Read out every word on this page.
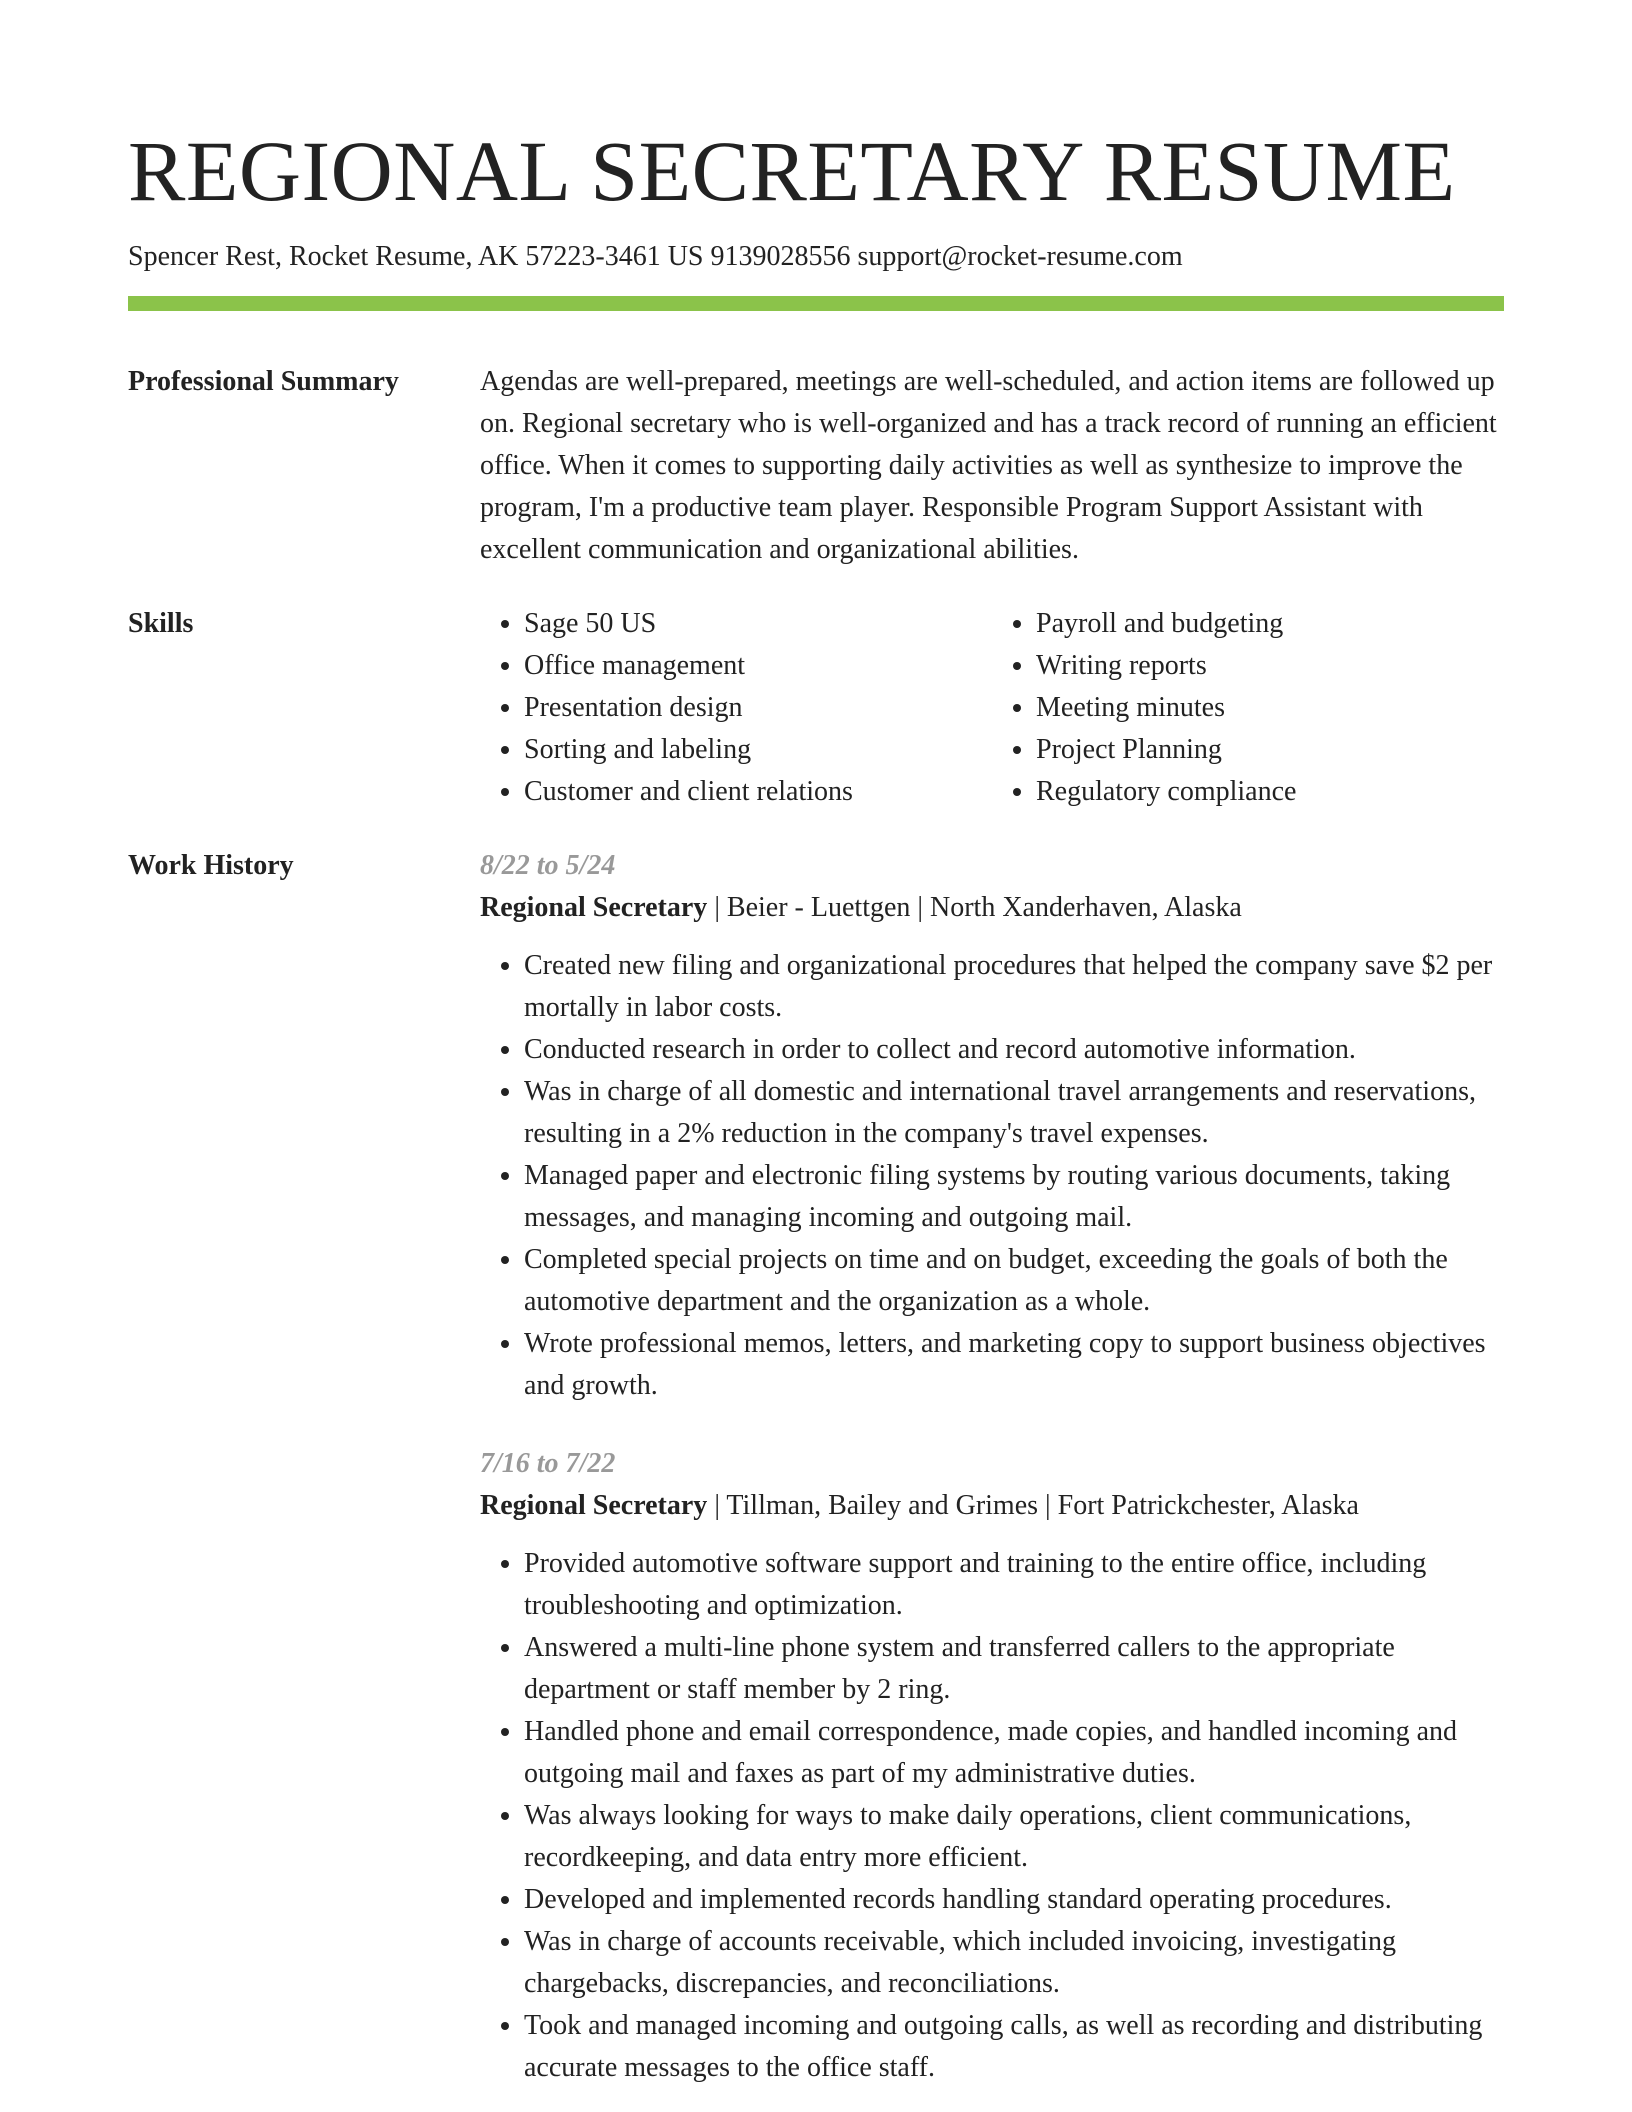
REGIONAL SECRETARY RESUME
Spencer Rest, Rocket Resume, AK 57223-3461 US 9139028556 support@rocket-resume.com
Professional Summary	Agendas are well-prepared, meetings are well-scheduled, and action items are followed up on. Regional secretary who is well-organized and has a track record of running an efficient office. When it comes to supporting daily activities as well as synthesize to improve the program, I'm a productive team player. Responsible Program Support Assistant with excellent communication and organizational abilities.

Skills
•	Sage 50 US
• Office management
• Presentation design
• Sorting and labeling
• Customer and client relations
• Payroll and budgeting
• Writing reports
• Meeting minutes
• Project Planning
• Regulatory compliance
Work History	8/22 to 5/24
Regional Secretary | Beier - Luettgen | North Xanderhaven, Alaska
• Created new filing and organizational procedures that helped the company save $2 per mortally in labor costs.
• Conducted research in order to collect and record automotive information.
• Was in charge of all domestic and international travel arrangements and reservations, resulting in a 2% reduction in the company's travel expenses.
• Managed paper and electronic filing systems by routing various documents, taking messages, and managing incoming and outgoing mail.
• Completed special projects on time and on budget, exceeding the goals of both the automotive department and the organization as a whole.
• Wrote professional memos, letters, and marketing copy to support business objectives and growth.
7/16 to 7/22
Regional Secretary | Tillman, Bailey and Grimes | Fort Patrickchester, Alaska
• Provided automotive software support and training to the entire office, including troubleshooting and optimization.
• Answered a multi-line phone system and transferred callers to the appropriate department or staff member by 2 ring.
• Handled phone and email correspondence, made copies, and handled incoming and outgoing mail and faxes as part of my administrative duties.
• Was always looking for ways to make daily operations, client communications, recordkeeping, and data entry more efficient.
• Developed and implemented records handling standard operating procedures.
• Was in charge of accounts receivable, which included invoicing, investigating chargebacks, discrepancies, and reconciliations.
• Took and managed incoming and outgoing calls, as well as recording and distributing accurate messages to the office staff.
